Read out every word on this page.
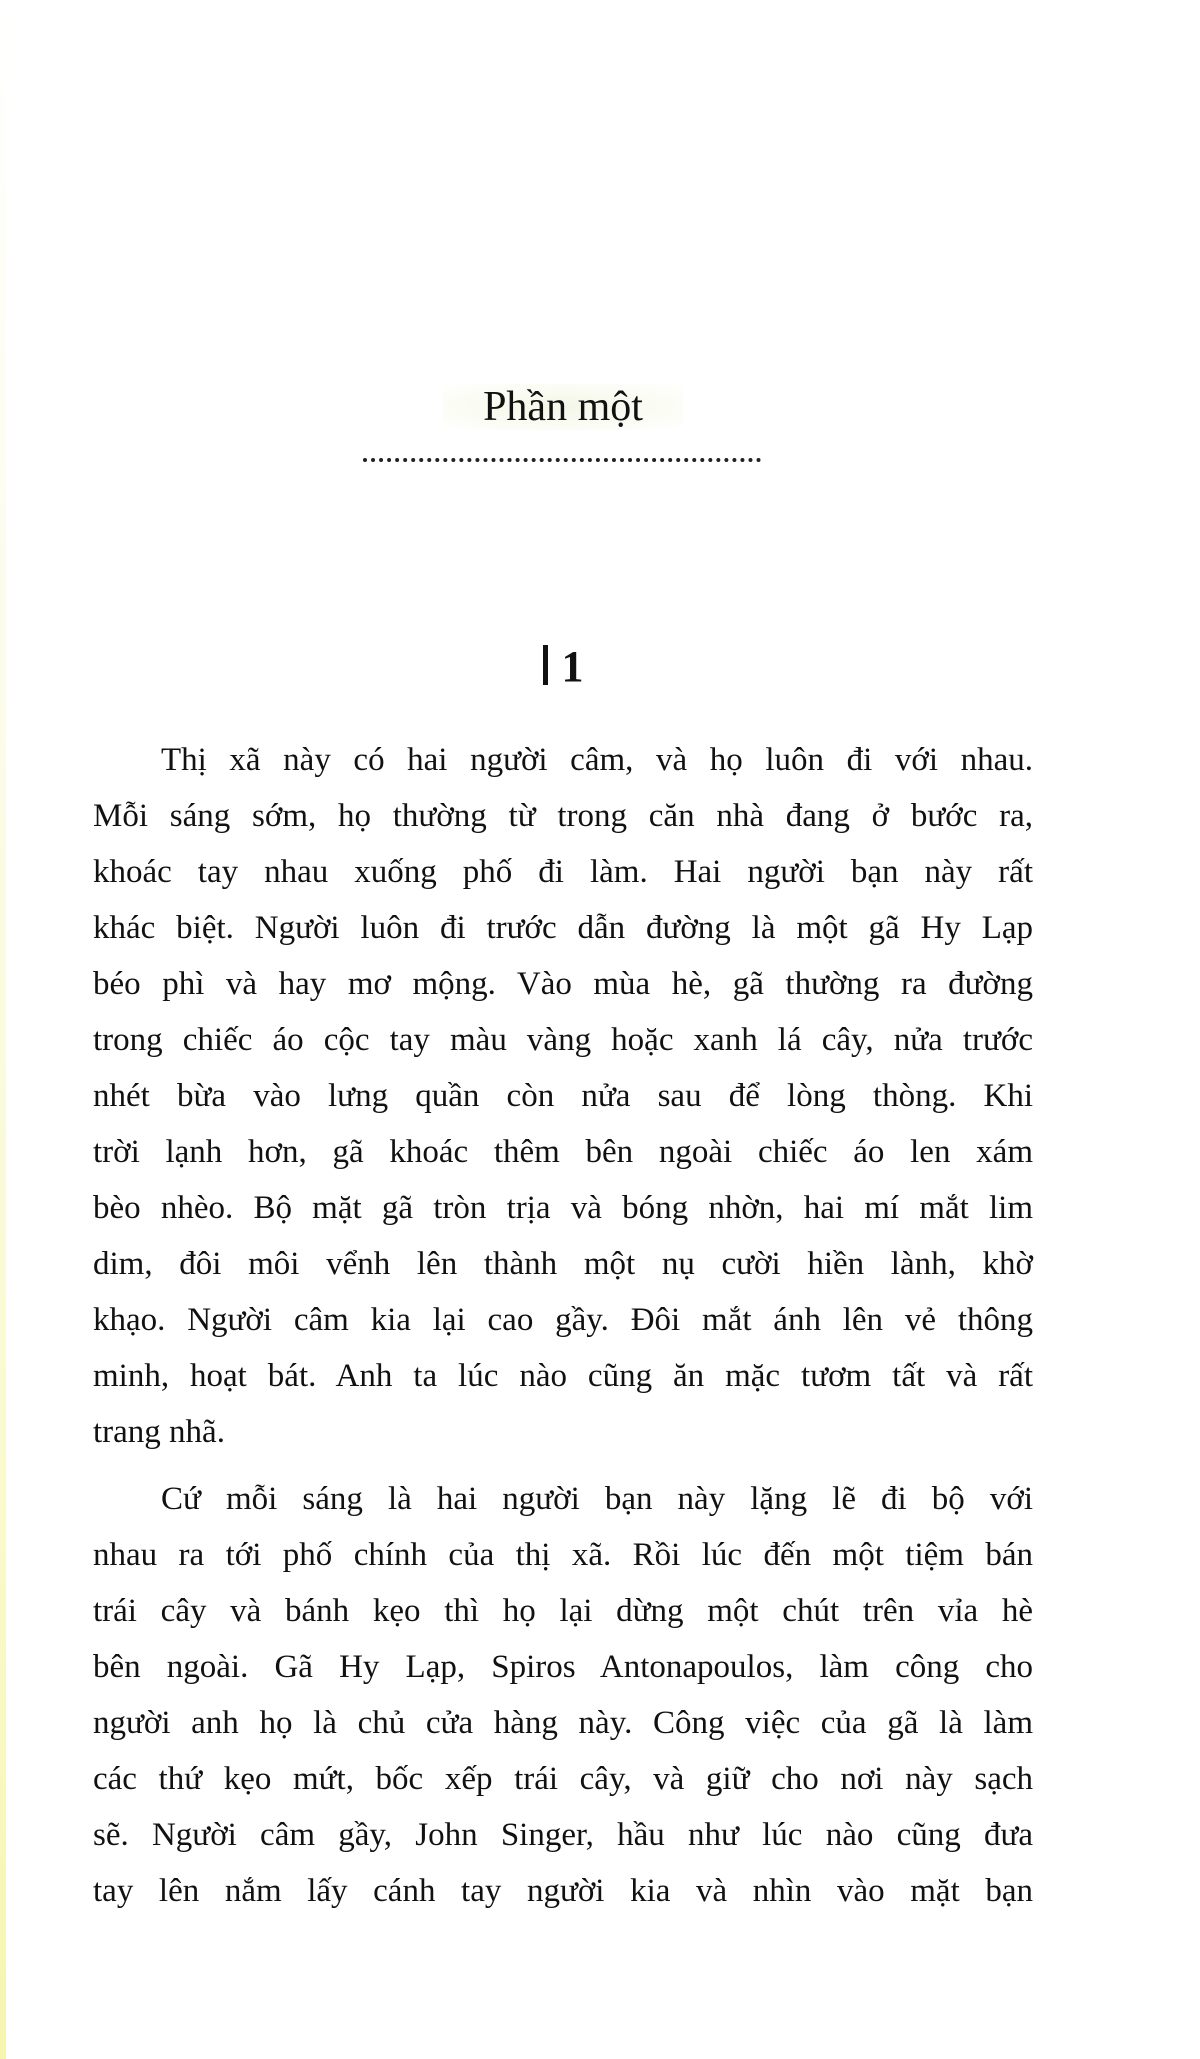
Phần một
1
Thị xã này có hai người câm, và họ luôn đi với nhau.
Mỗi sáng sớm, họ thường từ trong căn nhà đang ở bước ra,
khoác tay nhau xuống phố đi làm. Hai người bạn này rất
khác biệt. Người luôn đi trước dẫn đường là một gã Hy Lạp
béo phì và hay mơ mộng. Vào mùa hè, gã thường ra đường
trong chiếc áo cộc tay màu vàng hoặc xanh lá cây, nửa trước
nhét bừa vào lưng quần còn nửa sau để lòng thòng. Khi
trời lạnh hơn, gã khoác thêm bên ngoài chiếc áo len xám
bèo nhèo. Bộ mặt gã tròn trịa và bóng nhờn, hai mí mắt lim
dim, đôi môi vểnh lên thành một nụ cười hiền lành, khờ
khạo. Người câm kia lại cao gầy. Đôi mắt ánh lên vẻ thông
minh, hoạt bát. Anh ta lúc nào cũng ăn mặc tươm tất và rất
trang nhã.
Cứ mỗi sáng là hai người bạn này lặng lẽ đi bộ với
nhau ra tới phố chính của thị xã. Rồi lúc đến một tiệm bán
trái cây và bánh kẹo thì họ lại dừng một chút trên vỉa hè
bên ngoài. Gã Hy Lạp, Spiros Antonapoulos, làm công cho
người anh họ là chủ cửa hàng này. Công việc của gã là làm
các thứ kẹo mứt, bốc xếp trái cây, và giữ cho nơi này sạch
sẽ. Người câm gầy, John Singer, hầu như lúc nào cũng đưa
tay lên nắm lấy cánh tay người kia và nhìn vào mặt bạn
